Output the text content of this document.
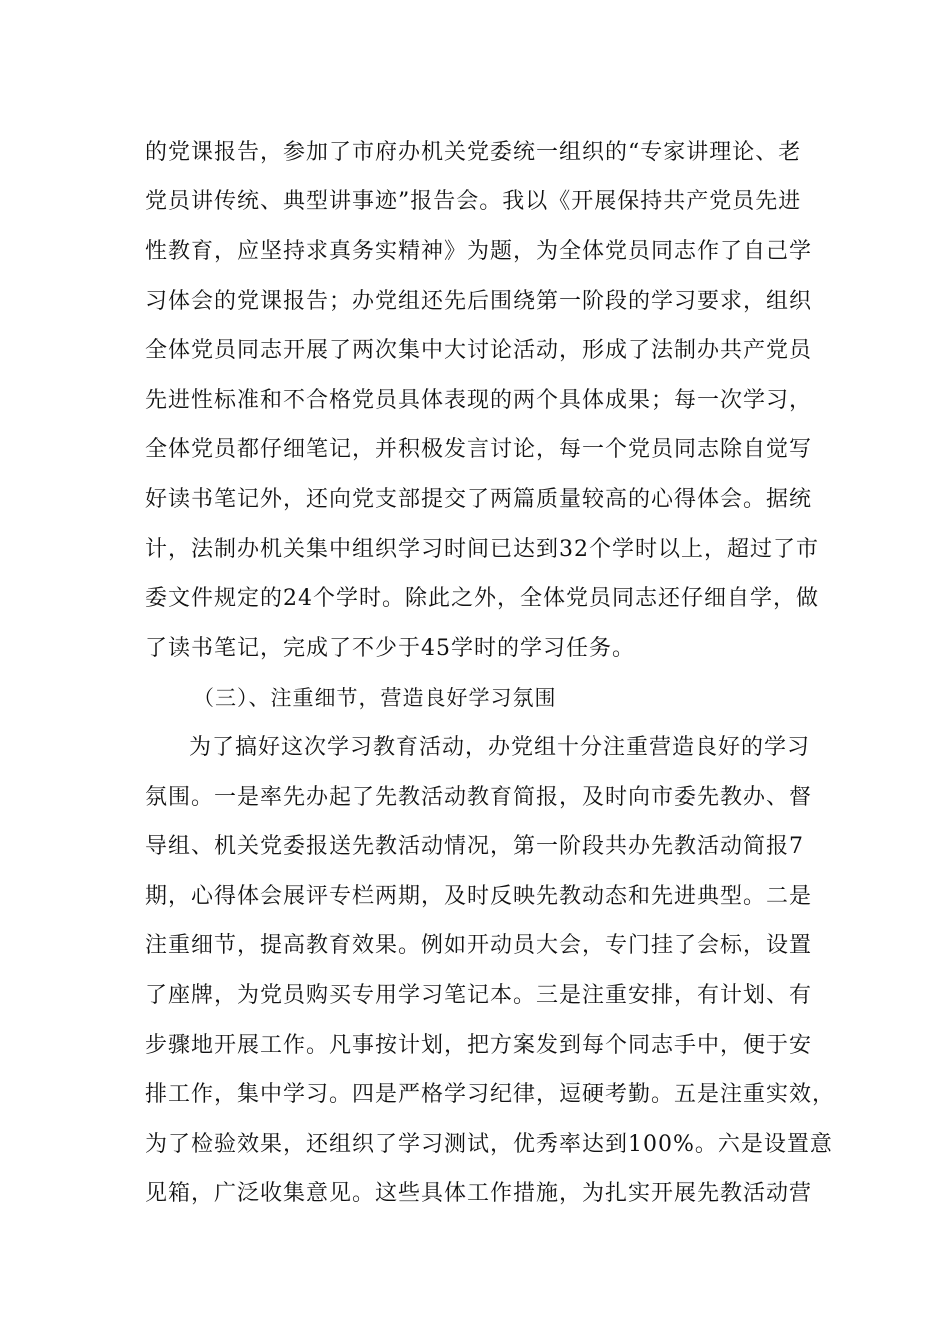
的党课报告，参加了市府办机关党委统一组织的“专家讲理论、老
党员讲传统、典型讲事迹”报告会。我以《开展保持共产党员先进
性教育，应坚持求真务实精神》为题，为全体党员同志作了自己学
习体会的党课报告；办党组还先后围绕第一阶段的学习要求，组织
全体党员同志开展了两次集中大讨论活动，形成了法制办共产党员
先进性标准和不合格党员具体表现的两个具体成果；每一次学习，
全体党员都仔细笔记，并积极发言讨论，每一个党员同志除自觉写
好读书笔记外，还向党支部提交了两篇质量较高的心得体会。据统
计，法制办机关集中组织学习时间已达到32个学时以上，超过了市
委文件规定的24个学时。除此之外，全体党员同志还仔细自学，做
了读书笔记，完成了不少于45学时的学习任务。
（三）、注重细节，营造良好学习氛围
为了搞好这次学习教育活动，办党组十分注重营造良好的学习
氛围。一是率先办起了先教活动教育简报，及时向市委先教办、督
导组、机关党委报送先教活动情况，第一阶段共办先教活动简报7
期，心得体会展评专栏两期，及时反映先教动态和先进典型。二是
注重细节，提高教育效果。例如开动员大会，专门挂了会标，设置
了座牌，为党员购买专用学习笔记本。三是注重安排，有计划、有
步骤地开展工作。凡事按计划，把方案发到每个同志手中，便于安
排工作，集中学习。四是严格学习纪律，逗硬考勤。五是注重实效，
为了检验效果，还组织了学习测试，优秀率达到100%。六是设置意
见箱，广泛收集意见。这些具体工作措施，为扎实开展先教活动营
